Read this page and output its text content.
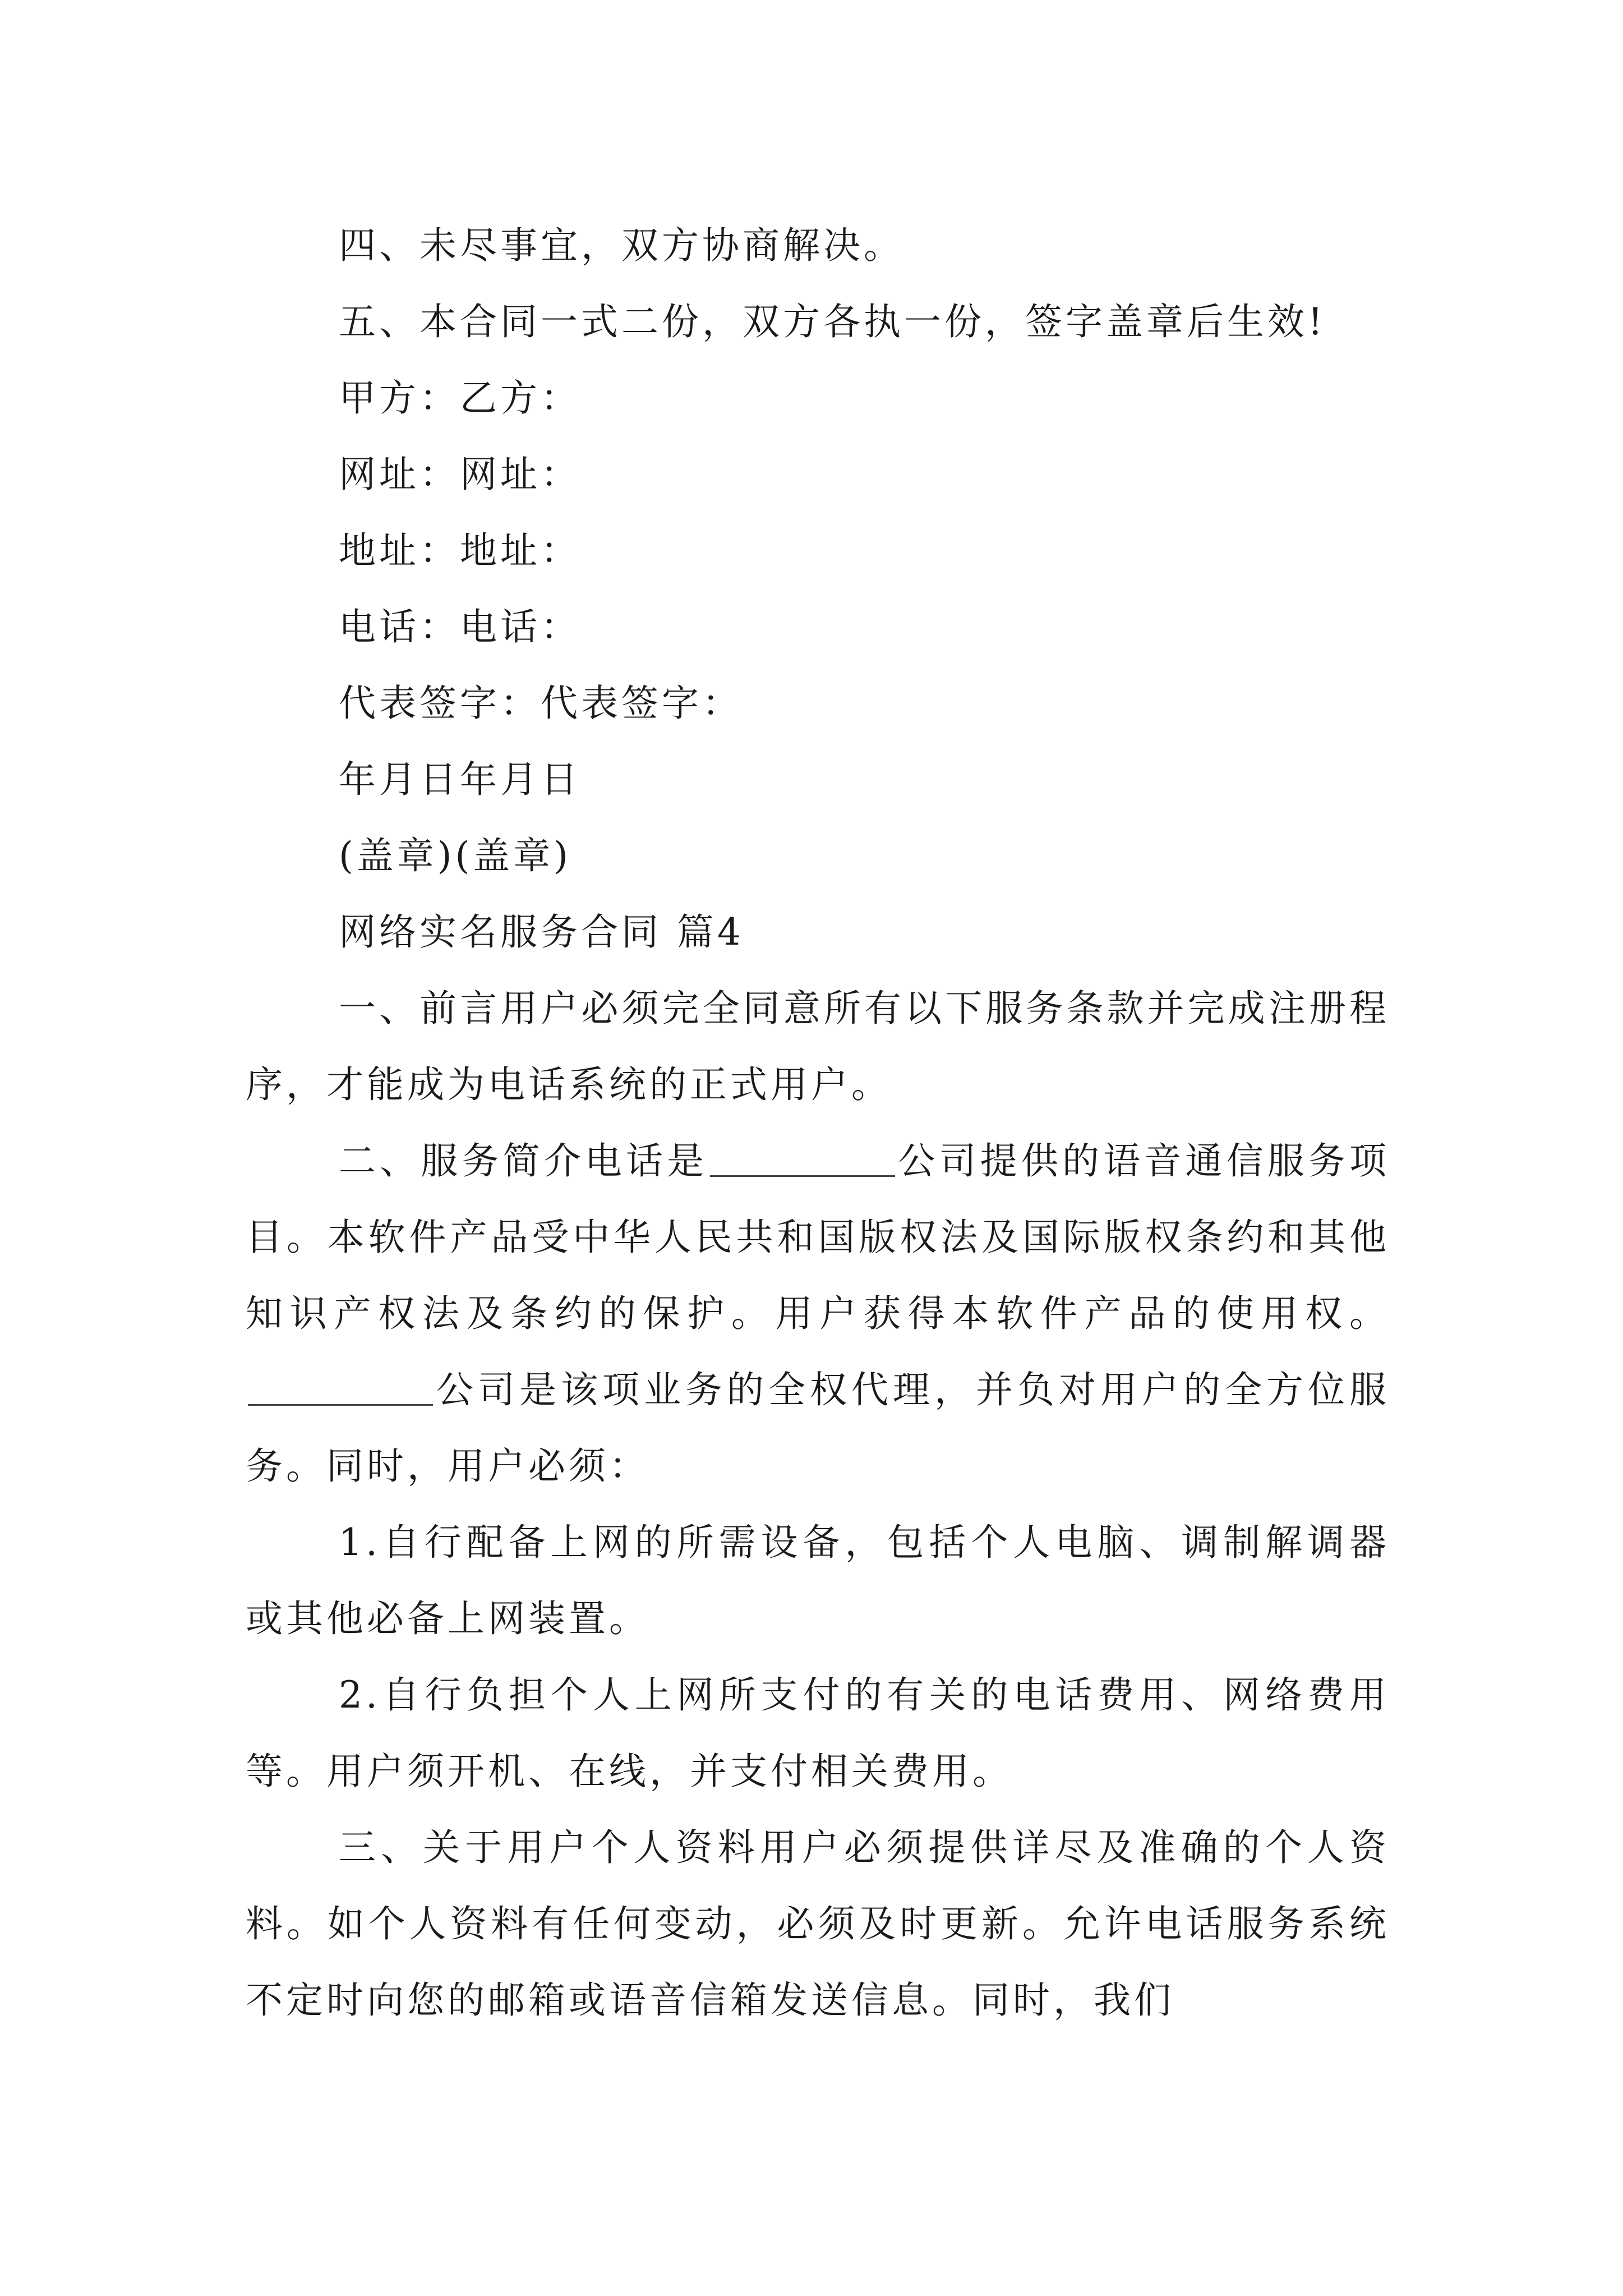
四、未尽事宜，双方协商解决。
五、本合同一式二份，双方各执一份，签字盖章后生效!
甲方：乙方：
网址：网址：
地址：地址：
电话：电话：
代表签字：代表签字：
年月日年月日
(盖章)(盖章)
网络实名服务合同 篇4

一、前言用户必须完全同意所有以下服务条款并完成注册程序，才能成为电话系统的正式用户。

二、服务简介电话是	公司提供的语音通信服务项目。本软件产品受中华人民共和国版权法及国际版权条约和其他知识产权法及条约的保护。用户获得本软件产品的使用权。公司是该项业务的全权代理，并负对用户的全方位服务。同时，用户必须：

1.自行配备上网的所需设备，包括个人电脑、调制解调器或其他必备上网装置。

2.自行负担个人上网所支付的有关的电话费用、网络费用等。用户须开机、在线，并支付相关费用。

三、关于用户个人资料用户必须提供详尽及准确的个人资料。如个人资料有任何变动，必须及时更新。允许电话服务系统不定时向您的邮箱或语音信箱发送信息。同时，我们
